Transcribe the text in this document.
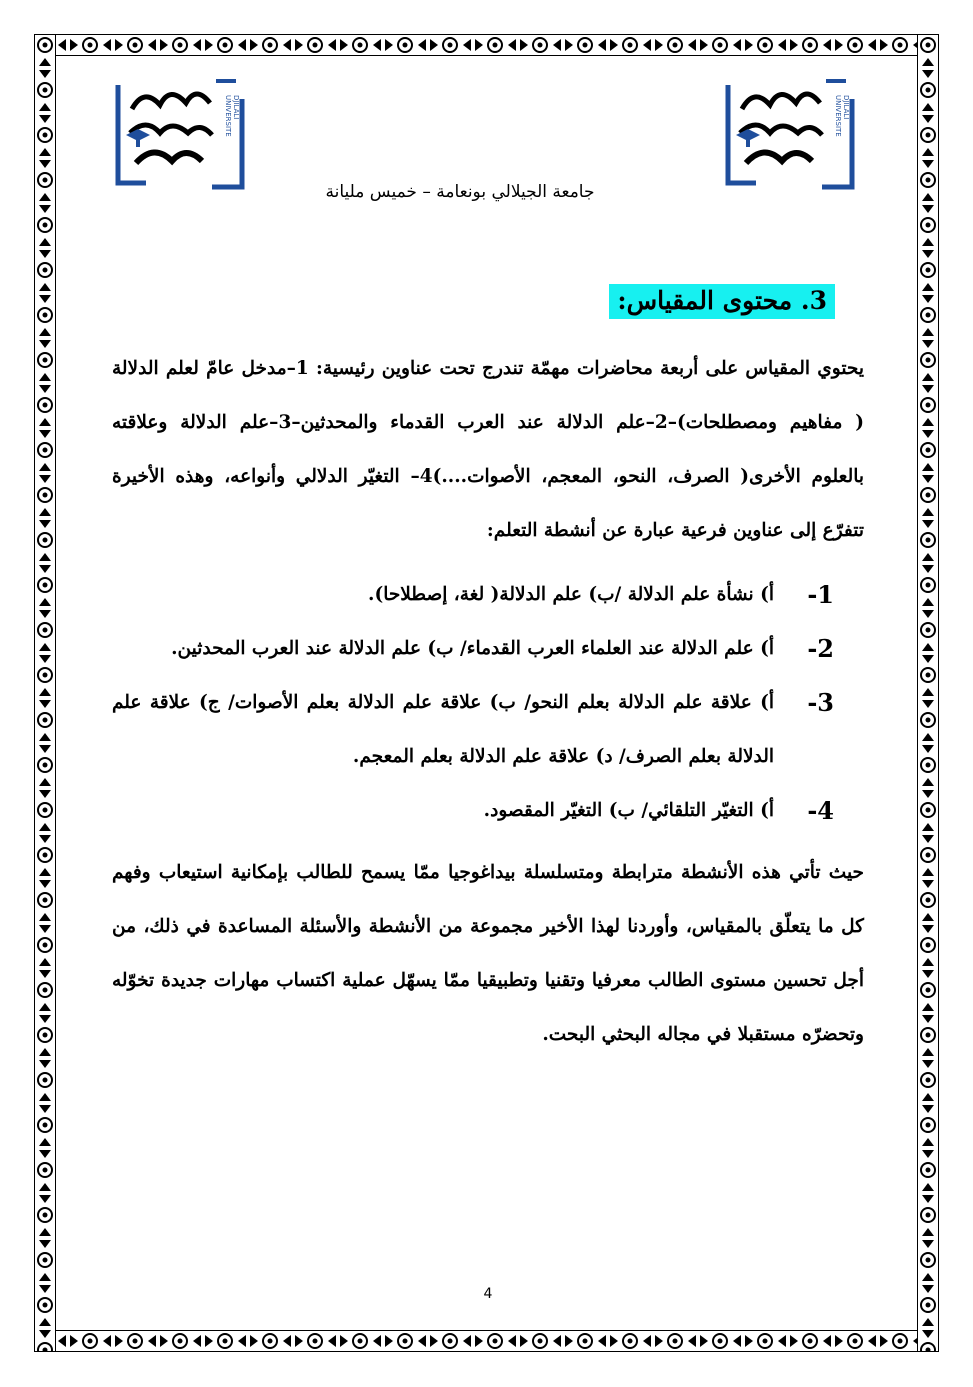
UNIVERSITE DJILALI	UNIVERSITE DJILALI
جامعة الجيلالي بونعامة – خميس مليانة
3. محتوى المقياس:
يحتوي المقياس على أربعة محاضرات مهمّة تندرج تحت عناوين رئيسية: 1–مدخل عامّ لعلم الدلالة ( مفاهيم ومصطلحات)–2–علم الدلالة عند العرب القدماء والمحدثين–3–علم الدلالة وعلاقته بالعلوم الأخرى( الصرف، النحو، المعجم، الأصوات....)4– التغيّر الدلالي وأنواعه، وهذه الأخيرة تتفرّع إلى عناوين فرعية عبارة عن أنشطة التعلم:
1-
أ) نشأة علم الدلالة /ب) علم الدلالة( لغة، إصطلاحا).
2-
أ) علم الدلالة عند العلماء العرب القدماء/ ب) علم الدلالة عند العرب المحدثين.
3-
أ) علاقة علم الدلالة بعلم النحو/ ب) علاقة علم الدلالة بعلم الأصوات/ ج) علاقة علم الدلالة بعلم الصرف/ د) علاقة علم الدلالة بعلم المعجم.
4-
أ) التغيّر التلقائي/ ب) التغيّر المقصود.
حيث تأتي هذه الأنشطة مترابطة ومتسلسلة بيداغوجيا ممّا يسمح للطالب بإمكانية استيعاب وفهم كل ما يتعلّق بالمقياس، وأوردنا لهذا الأخير مجموعة من الأنشطة والأسئلة المساعدة في ذلك، من أجل تحسين مستوى الطالب معرفيا وتقنيا وتطبيقيا ممّا يسهّل عملية اكتساب مهارات جديدة تخوّله وتحضرّه مستقبلا في مجاله البحثي البحت.
4
